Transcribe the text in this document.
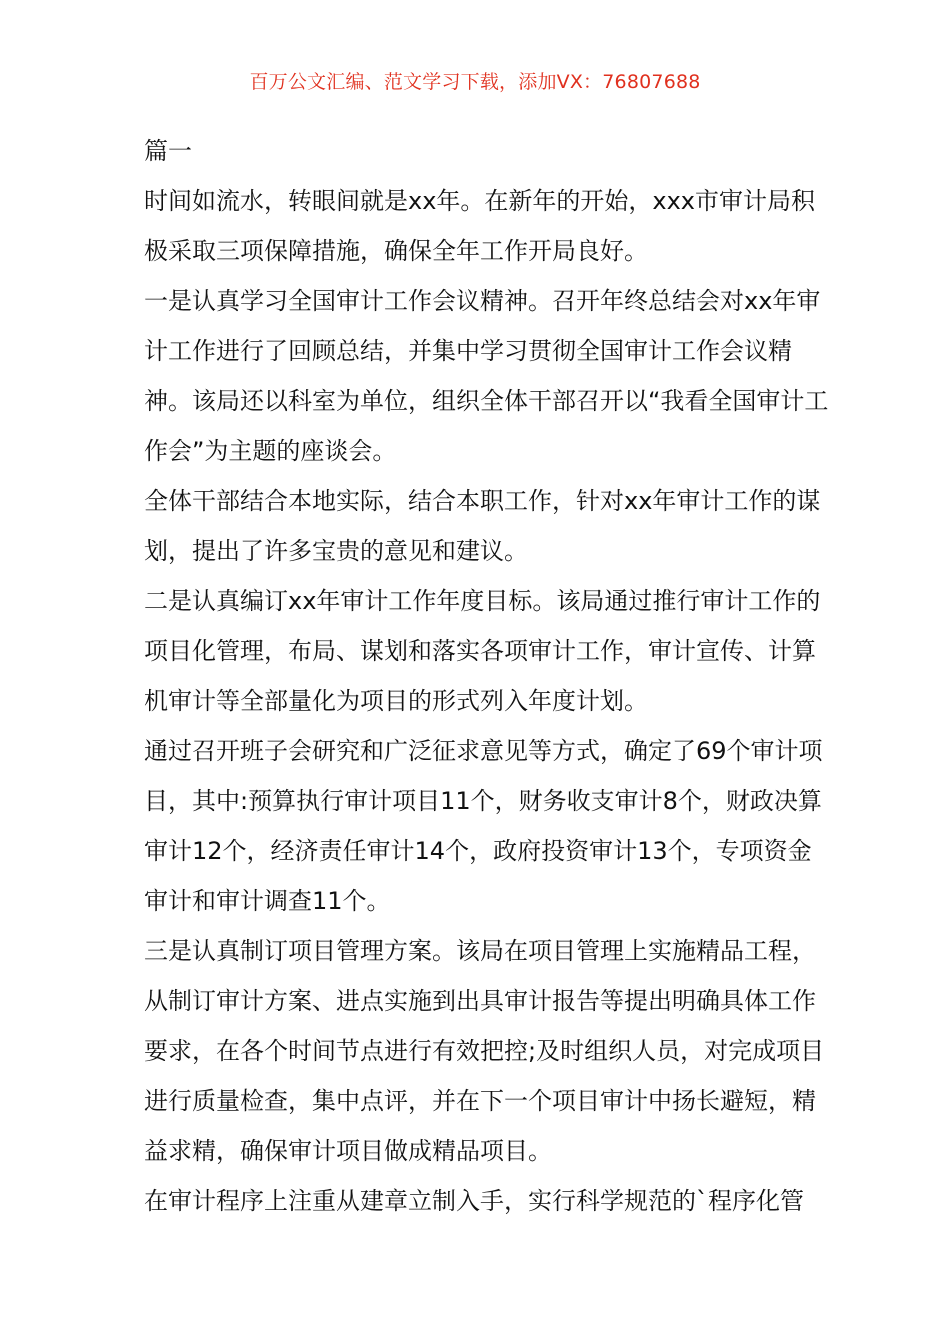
百万公文汇编、范文学习下载，添加VX：76807688

篇一

时间如流水，转眼间就是xx年。在新年的开始，xxx市审计局积极采取三项保障措施，确保全年工作开局良好。

一是认真学习全国审计工作会议精神。召开年终总结会对xx年审计工作进行了回顾总结，并集中学习贯彻全国审计工作会议精神。该局还以科室为单位，组织全体干部召开以“我看全国审计工作会”为主题的座谈会。

全体干部结合本地实际，结合本职工作，针对xx年审计工作的谋划，提出了许多宝贵的意见和建议。

二是认真编订xx年审计工作年度目标。该局通过推行审计工作的项目化管理，布局、谋划和落实各项审计工作，审计宣传、计算机审计等全部量化为项目的形式列入年度计划。

通过召开班子会研究和广泛征求意见等方式，确定了69个审计项目，其中:预算执行审计项目11个，财务收支审计8个，财政决算审计12个，经济责任审计14个，政府投资审计13个，专项资金审计和审计调查11个。

三是认真制订项目管理方案。该局在项目管理上实施精品工程，从制订审计方案、进点实施到出具审计报告等提出明确具体工作要求，在各个时间节点进行有效把控;及时组织人员，对完成项目进行质量检查，集中点评，并在下一个项目审计中扬长避短，精益求精，确保审计项目做成精品项目。

在审计程序上注重从建章立制入手，实行科学规范的`程序化管
